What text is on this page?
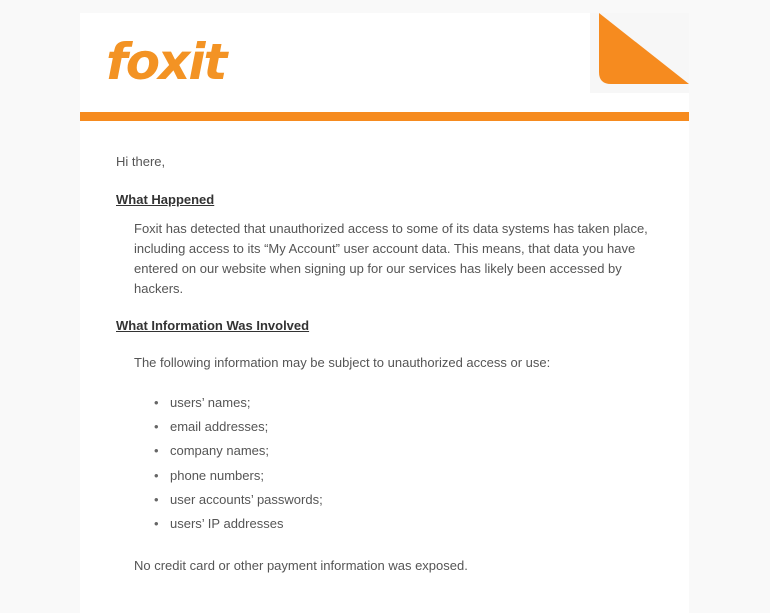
foxit
Hi there,
What Happened
Foxit has detected that unauthorized access to some of its data systems has taken place, including access to its “My Account” user account data. This means, that data you have entered on our website when signing up for our services has likely been accessed by hackers.
What Information Was Involved
The following information may be subject to unauthorized access or use:
• users’ names;
• email addresses;
• company names;
• phone numbers;
• user accounts’ passwords;
• users’ IP addresses
No credit card or other payment information was exposed.
